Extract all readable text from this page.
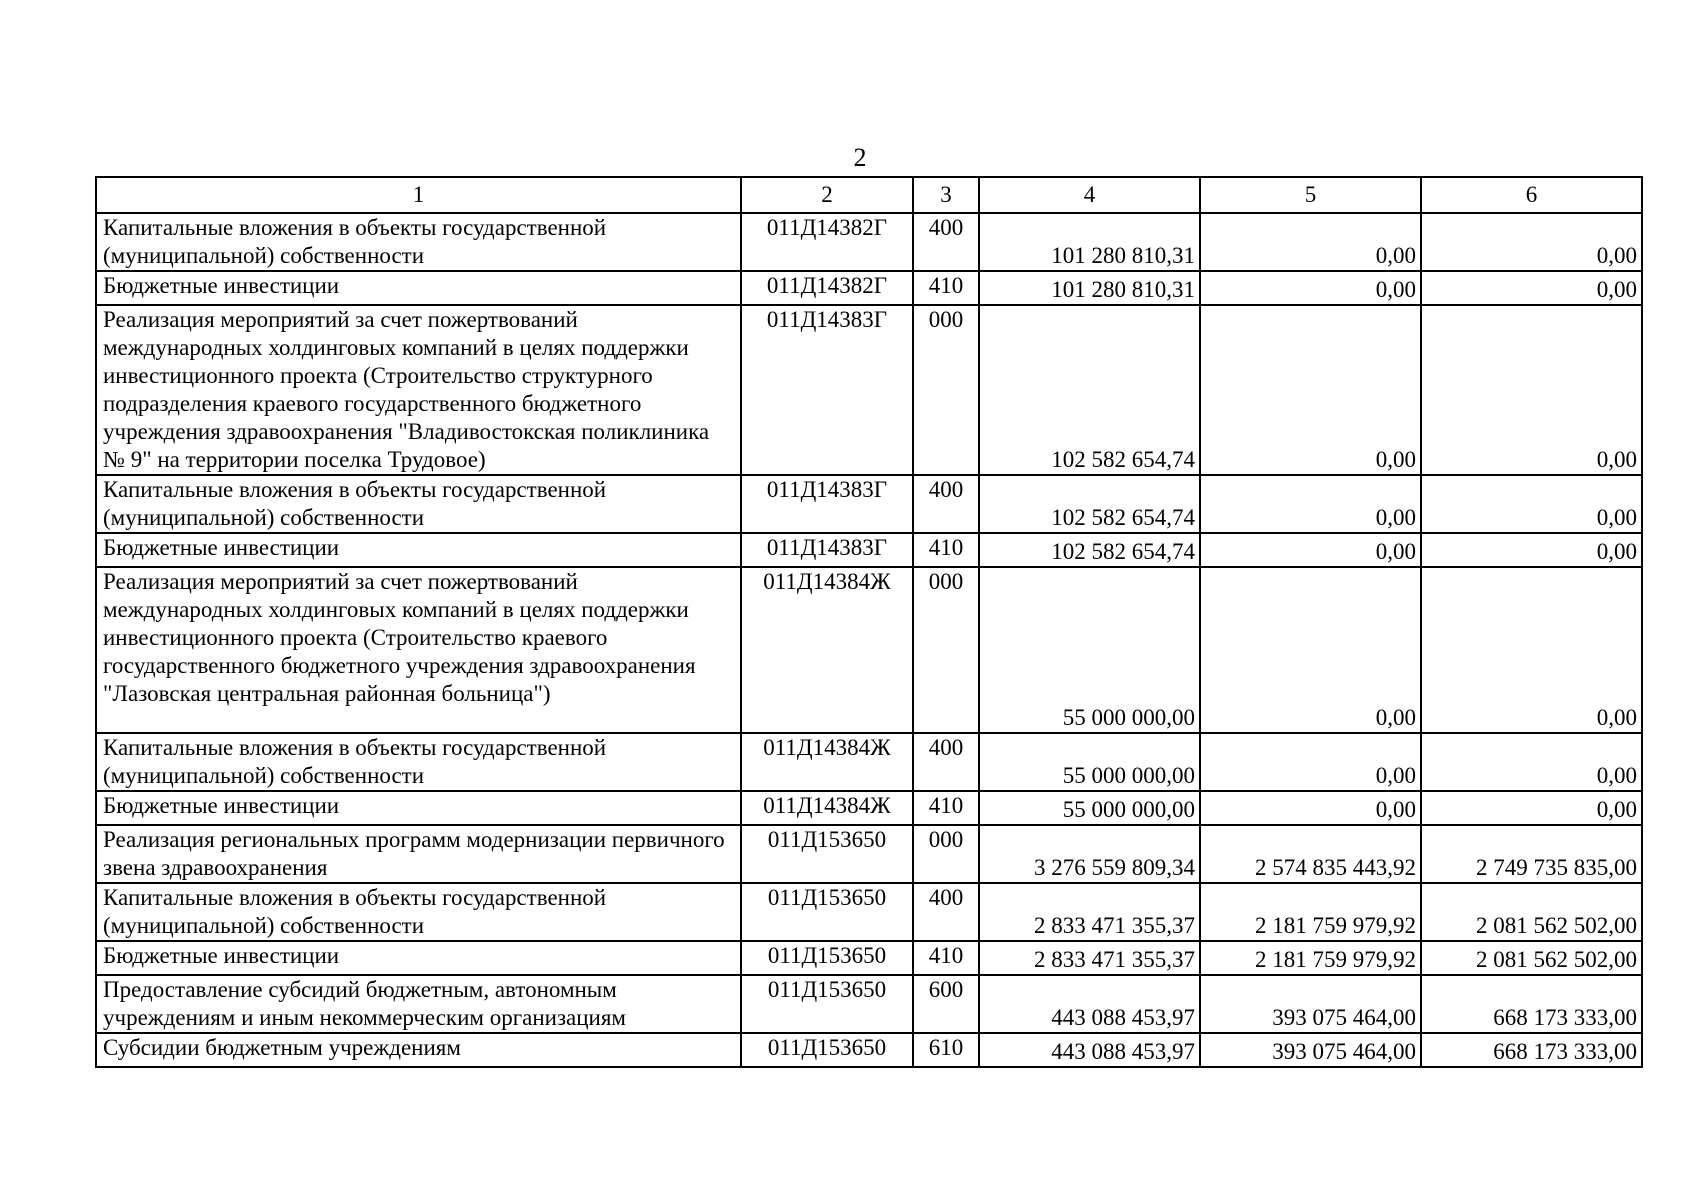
2
1	2	3	4	5	6
Капитальные вложения в объекты государственной (муниципальной) собственности	011Д14382Г	400	101 280 810,31	0,00	0,00
Бюджетные инвестиции	011Д14382Г	410	101 280 810,31	0,00	0,00
Реализация мероприятий за счет пожертвований международных холдинговых компаний в целях поддержки инвестиционного проекта (Строительство структурного подразделения краевого государственного бюджетного учреждения здравоохранения "Владивостокская поликлиника № 9" на территории поселка Трудовое)	011Д14383Г	000	102 582 654,74	0,00	0,00
Капитальные вложения в объекты государственной (муниципальной) собственности	011Д14383Г	400	102 582 654,74	0,00	0,00
Бюджетные инвестиции	011Д14383Г	410	102 582 654,74	0,00	0,00
Реализация мероприятий за счет пожертвований международных холдинговых компаний в целях поддержки инвестиционного проекта (Строительство краевого государственного бюджетного учреждения здравоохранения "Лазовская центральная районная больница")	011Д14384Ж	000	55 000 000,00	0,00	0,00
Капитальные вложения в объекты государственной (муниципальной) собственности	011Д14384Ж	400	55 000 000,00	0,00	0,00
Бюджетные инвестиции	011Д14384Ж	410	55 000 000,00	0,00	0,00
Реализация региональных программ модернизации первичного звена здравоохранения	011Д153650	000	3 276 559 809,34	2 574 835 443,92	2 749 735 835,00
Капитальные вложения в объекты государственной (муниципальной) собственности	011Д153650	400	2 833 471 355,37	2 181 759 979,92	2 081 562 502,00
Бюджетные инвестиции	011Д153650	410	2 833 471 355,37	2 181 759 979,92	2 081 562 502,00
Предоставление субсидий бюджетным, автономным учреждениям и иным некоммерческим организациям	011Д153650	600	443 088 453,97	393 075 464,00	668 173 333,00
Субсидии бюджетным учреждениям	011Д153650	610	443 088 453,97	393 075 464,00	668 173 333,00
